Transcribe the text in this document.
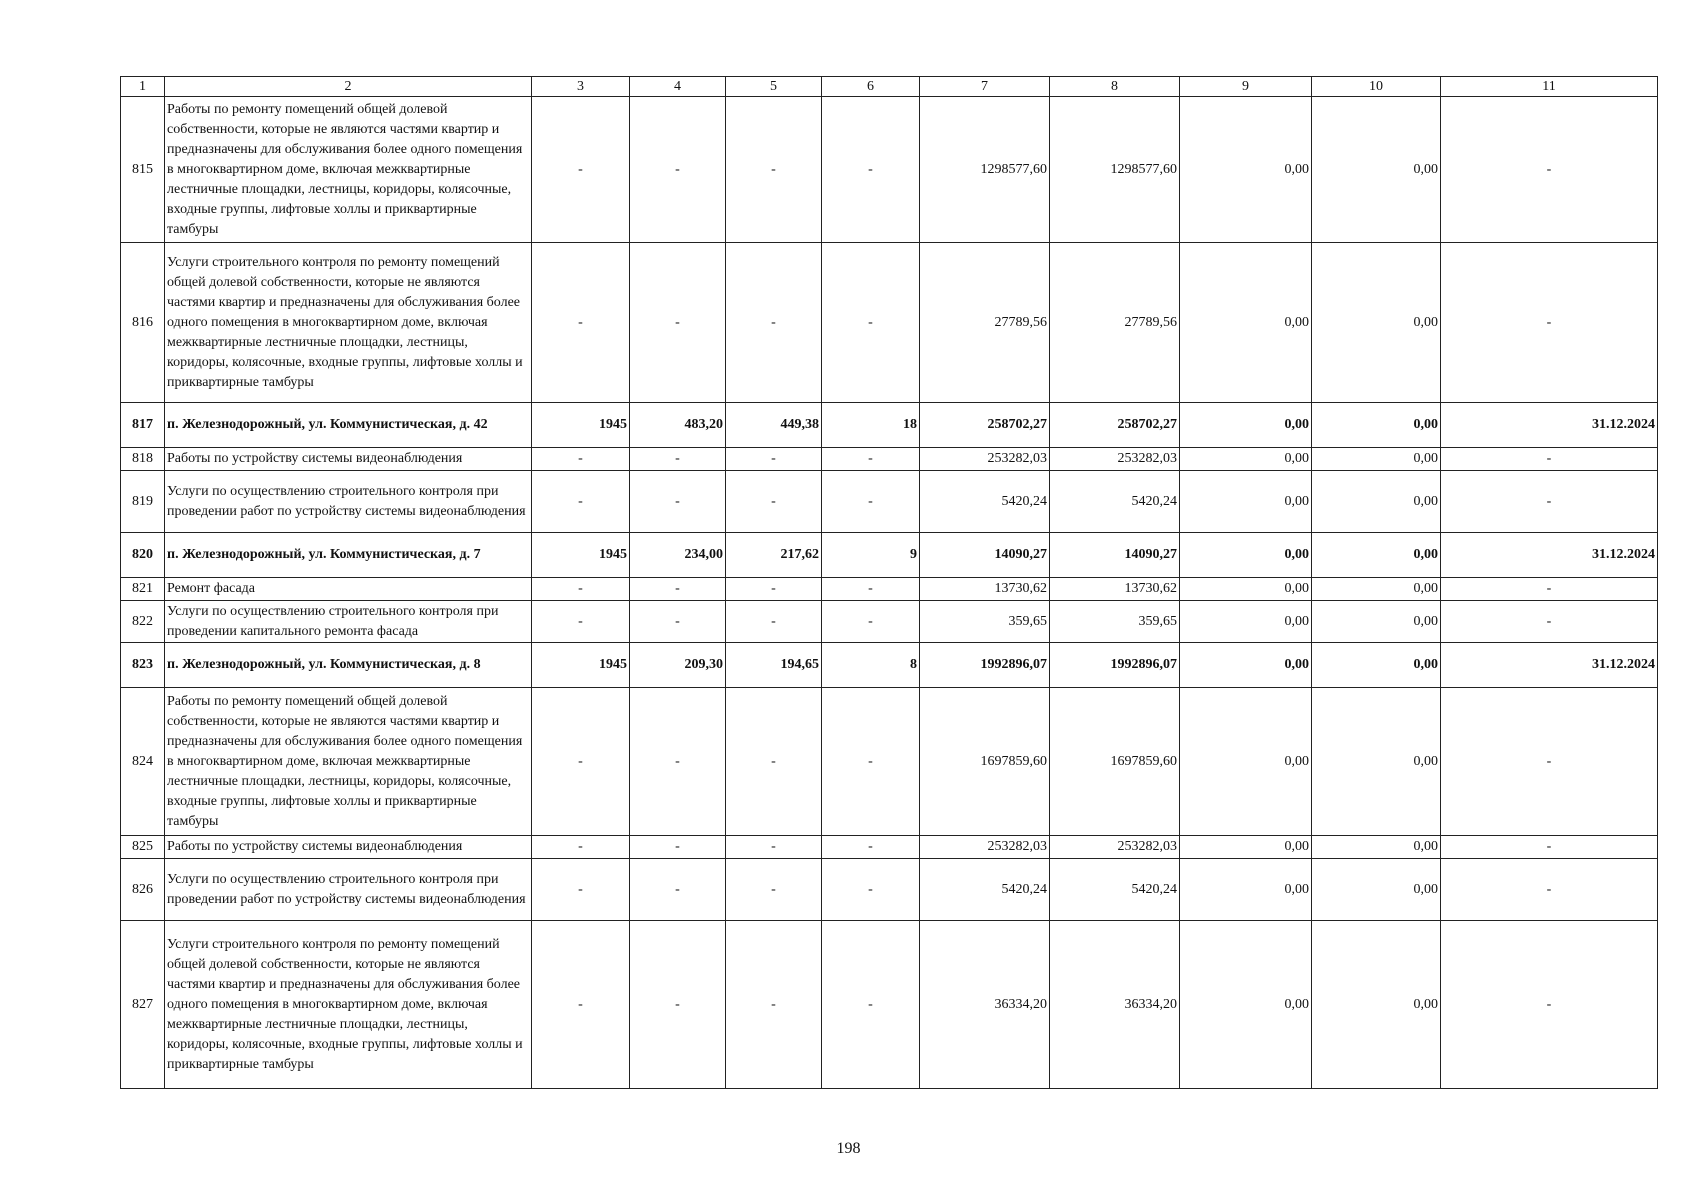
1	2	3	4	5	6	7	8	9	10	11
815	Работы по ремонту помещений общей долевой собственности, которые не являются частями квартир и предназначены для обслуживания более одного помещения в многоквартирном доме, включая межквартирные лестничные площадки, лестницы, коридоры, колясочные, входные группы, лифтовые холлы и приквартирные тамбуры	-	-	-	-	1298577,60	1298577,60	0,00	0,00	-
816	Услуги строительного контроля по ремонту помещений общей долевой собственности, которые не являются частями квартир и предназначены для обслуживания более одного помещения в многоквартирном доме, включая межквартирные лестничные площадки, лестницы, коридоры, колясочные, входные группы, лифтовые холлы и приквартирные тамбуры	-	-	-	-	27789,56	27789,56	0,00	0,00	-
817	п. Железнодорожный, ул. Коммунистическая, д. 42	1945	483,20	449,38	18	258702,27	258702,27	0,00	0,00	31.12.2024
818	Работы по устройству системы видеонаблюдения	-	-	-	-	253282,03	253282,03	0,00	0,00	-
819	Услуги по осуществлению строительного контроля при проведении работ по устройству системы видеонаблюдения	-	-	-	-	5420,24	5420,24	0,00	0,00	-
820	п. Железнодорожный, ул. Коммунистическая, д. 7	1945	234,00	217,62	9	14090,27	14090,27	0,00	0,00	31.12.2024
821	Ремонт фасада	-	-	-	-	13730,62	13730,62	0,00	0,00	-
822	Услуги по осуществлению строительного контроля при проведении капитального ремонта фасада	-	-	-	-	359,65	359,65	0,00	0,00	-
823	п. Железнодорожный, ул. Коммунистическая, д. 8	1945	209,30	194,65	8	1992896,07	1992896,07	0,00	0,00	31.12.2024
824	Работы по ремонту помещений общей долевой собственности, которые не являются частями квартир и предназначены для обслуживания более одного помещения в многоквартирном доме, включая межквартирные лестничные площадки, лестницы, коридоры, колясочные, входные группы, лифтовые холлы и приквартирные тамбуры	-	-	-	-	1697859,60	1697859,60	0,00	0,00	-
825	Работы по устройству системы видеонаблюдения	-	-	-	-	253282,03	253282,03	0,00	0,00	-
826	Услуги по осуществлению строительного контроля при проведении работ по устройству системы видеонаблюдения	-	-	-	-	5420,24	5420,24	0,00	0,00	-
827	Услуги строительного контроля по ремонту помещений общей долевой собственности, которые не являются частями квартир и предназначены для обслуживания более одного помещения в многоквартирном доме, включая межквартирные лестничные площадки, лестницы, коридоры, колясочные, входные группы, лифтовые холлы и приквартирные тамбуры	-	-	-	-	36334,20	36334,20	0,00	0,00	-
198
